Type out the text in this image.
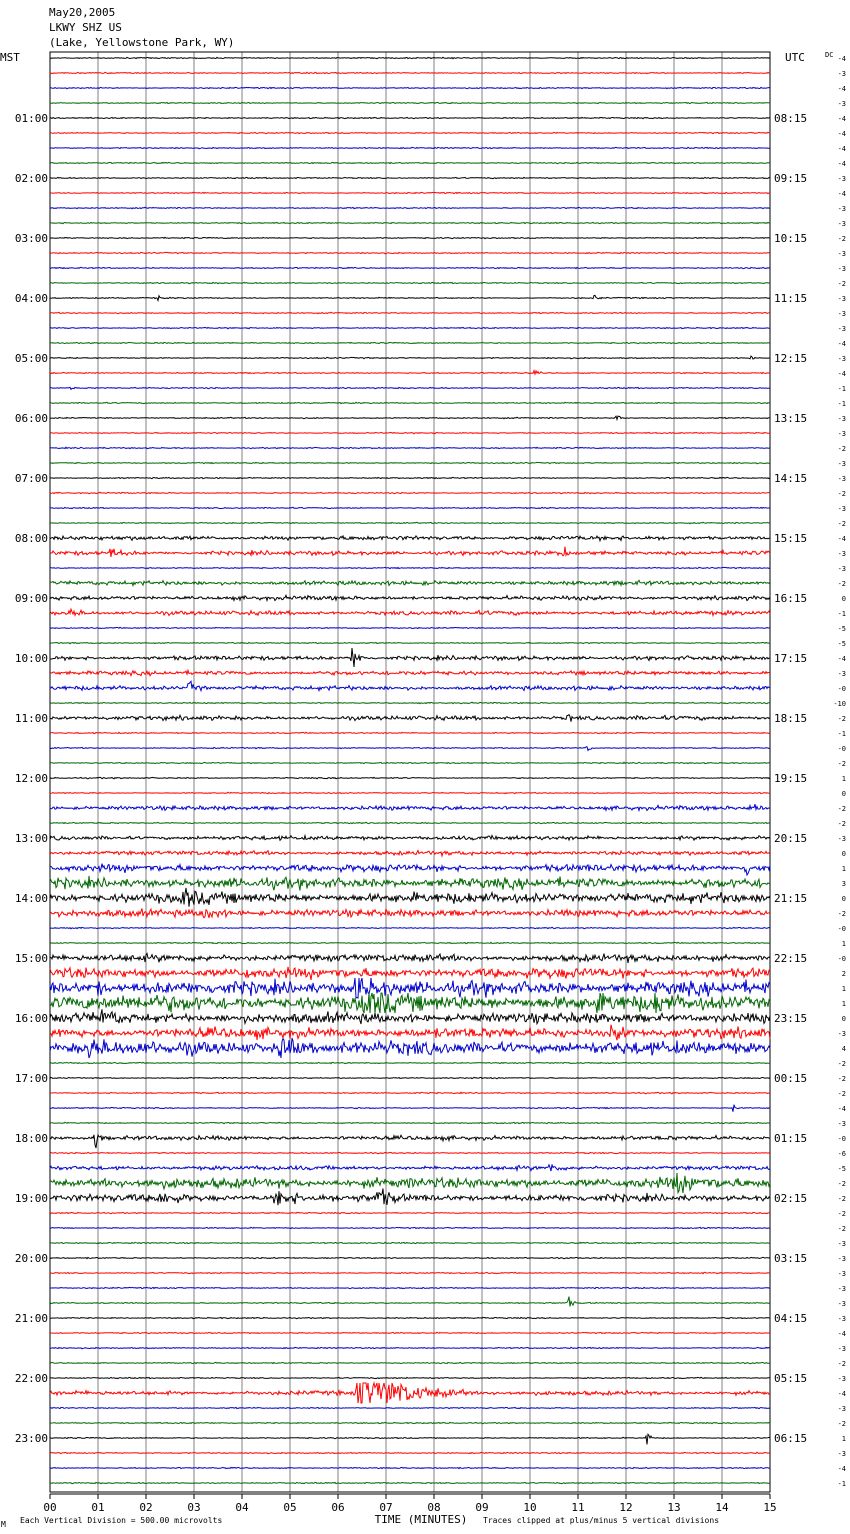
May20,2005
LKWY SHZ US
(Lake, Yellowstone Park, WY)
MST	UTC	DC
01:00
02:00
03:00
04:00
05:00
06:00
07:00
08:00
09:00
10:00
11:00
12:00
13:00
14:00
15:00
16:00
17:00
18:00
19:00
20:00
21:00
22:00
23:00
08:15
09:15
10:15
11:15
12:15
13:15
14:15
15:15
16:15
17:15
18:15
19:15
20:15
21:15
22:15
23:15
00:15
01:15
02:15
03:15
04:15
05:15
06:15
-4
-3
-4
-3
-4
-4
-4
-4
-3
-4
-3
-3
-2
-3
-3
-2
-3
-3
-3
-4
-3
-4
-1
-1
-3
-3
-2
-3
-3
-2
-3
-2
-4
-3
-3
-2
0
-1
-5
-5
-4
-3
-0
-10
-2
-1
-0
-2
1
0
-2
-2
-3
0
1
3
0
-2
-0
1
-0
2
1
1
0
-3
4
-2
-2
-2
-4
-3
-0
-6
-5
-2
-2
-2
-2
-3
-3
-3
-3
-3
-3
-4
-3
-2
-3
-4
-3
-2
1
-3
-4
-1
00	01	02	03	04	05	06	07	08	09	10	11	12	13	14	15
TIME (MINUTES)
Each Vertical Division = 500.00 microvolts	Traces clipped at plus/minus 5 vertical divisions
M
